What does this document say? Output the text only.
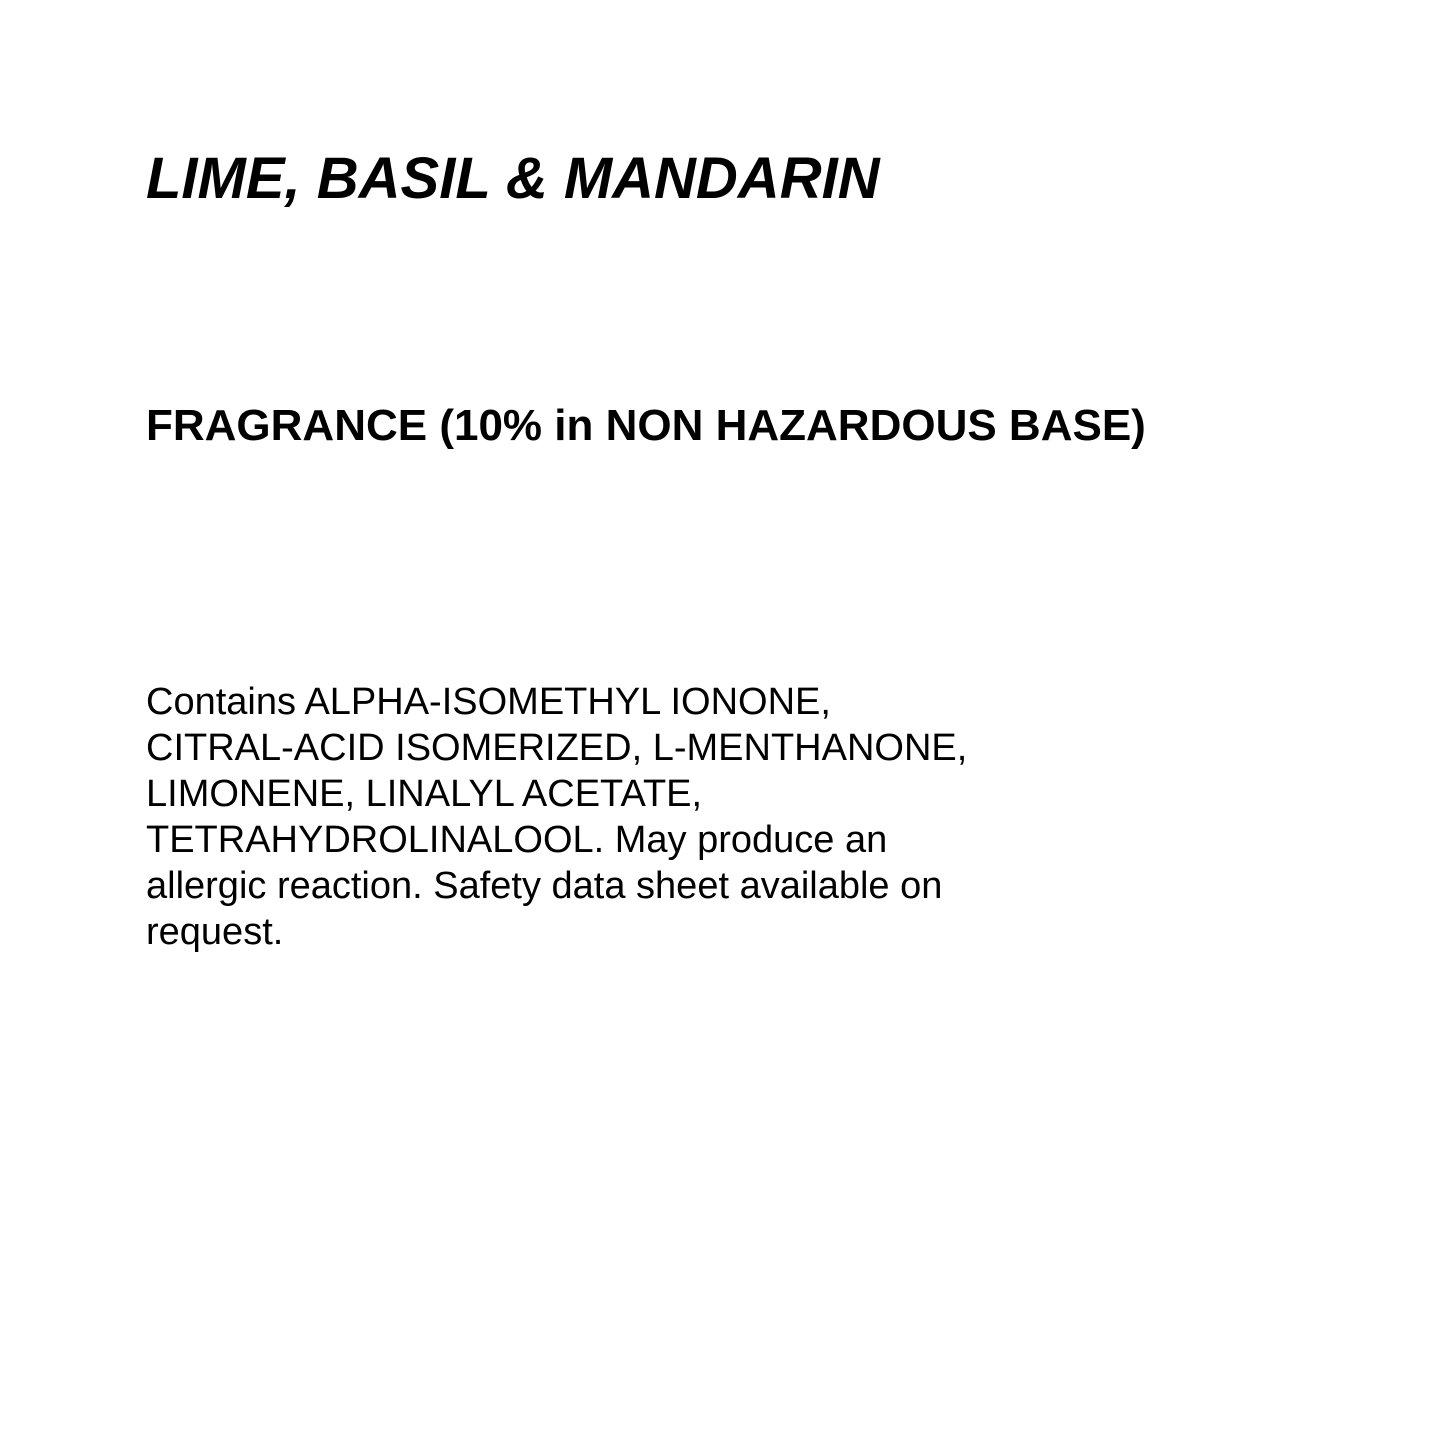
LIME, BASIL & MANDARIN

FRAGRANCE (10% in NON HAZARDOUS BASE)

Contains ALPHA-ISOMETHYL IONONE,
CITRAL-ACID ISOMERIZED, L-MENTHANONE,
LIMONENE, LINALYL ACETATE,
TETRAHYDROLINALOOL. May produce an
allergic reaction. Safety data sheet available on
request.
